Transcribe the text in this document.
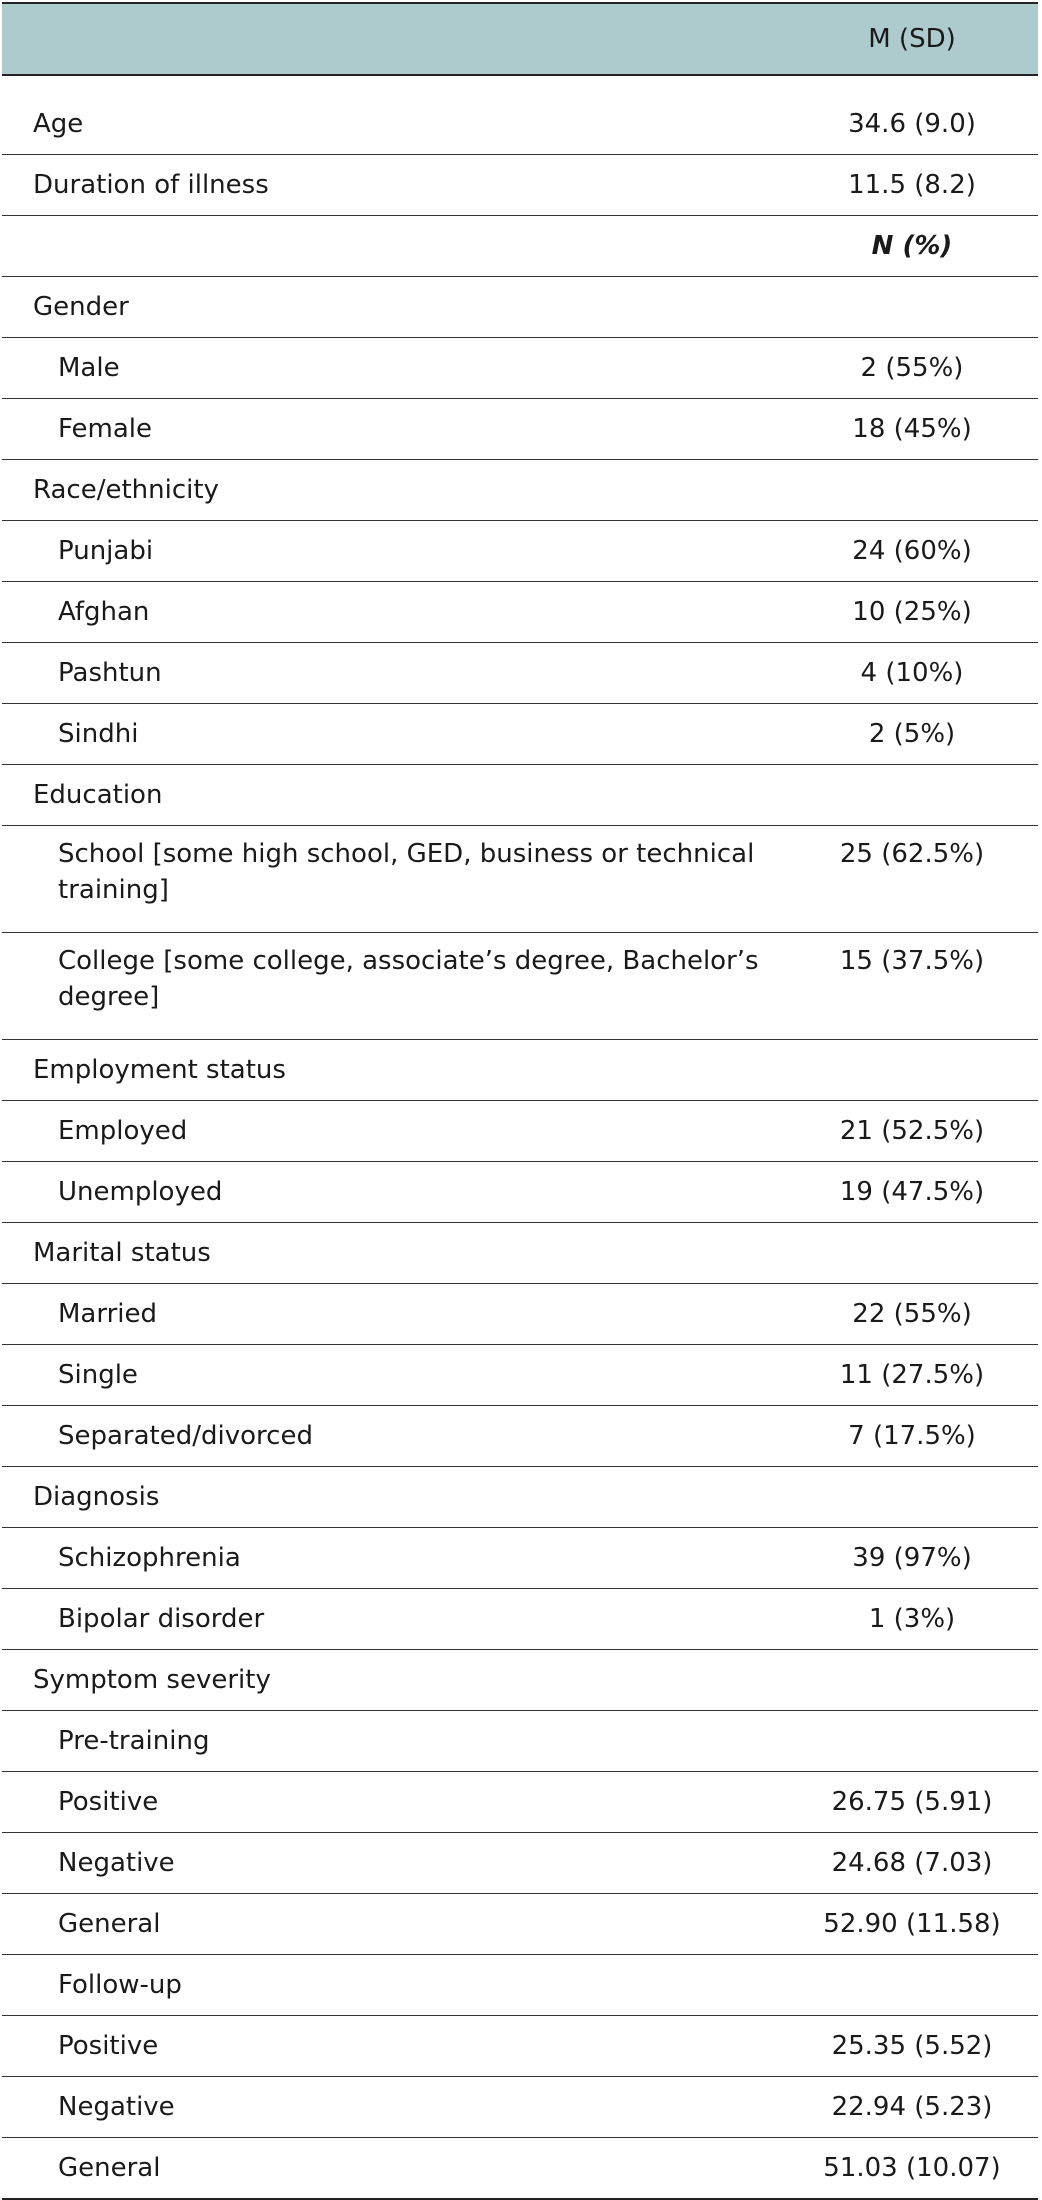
	M (SD)

Age	34.6 (9.0)
Duration of illness	11.5 (8.2)
	N (%)
Gender	
Male	2 (55%)
Female	18 (45%)
Race/ethnicity	
Punjabi	24 (60%)
Afghan	10 (25%)
Pashtun	4 (10%)
Sindhi	2 (5%)
Education	
School [some high school, GED, business or technical training]	25 (62.5%)
College [some college, associate’s degree, Bachelor’s degree]	15 (37.5%)
Employment status	
Employed	21 (52.5%)
Unemployed	19 (47.5%)
Marital status	
Married	22 (55%)
Single	11 (27.5%)
Separated/divorced	7 (17.5%)
Diagnosis	
Schizophrenia	39 (97%)
Bipolar disorder	1 (3%)
Symptom severity	
Pre-training	
Positive	26.75 (5.91)
Negative	24.68 (7.03)
General	52.90 (11.58)
Follow-up	
Positive	25.35 (5.52)
Negative	22.94 (5.23)
General	51.03 (10.07)
